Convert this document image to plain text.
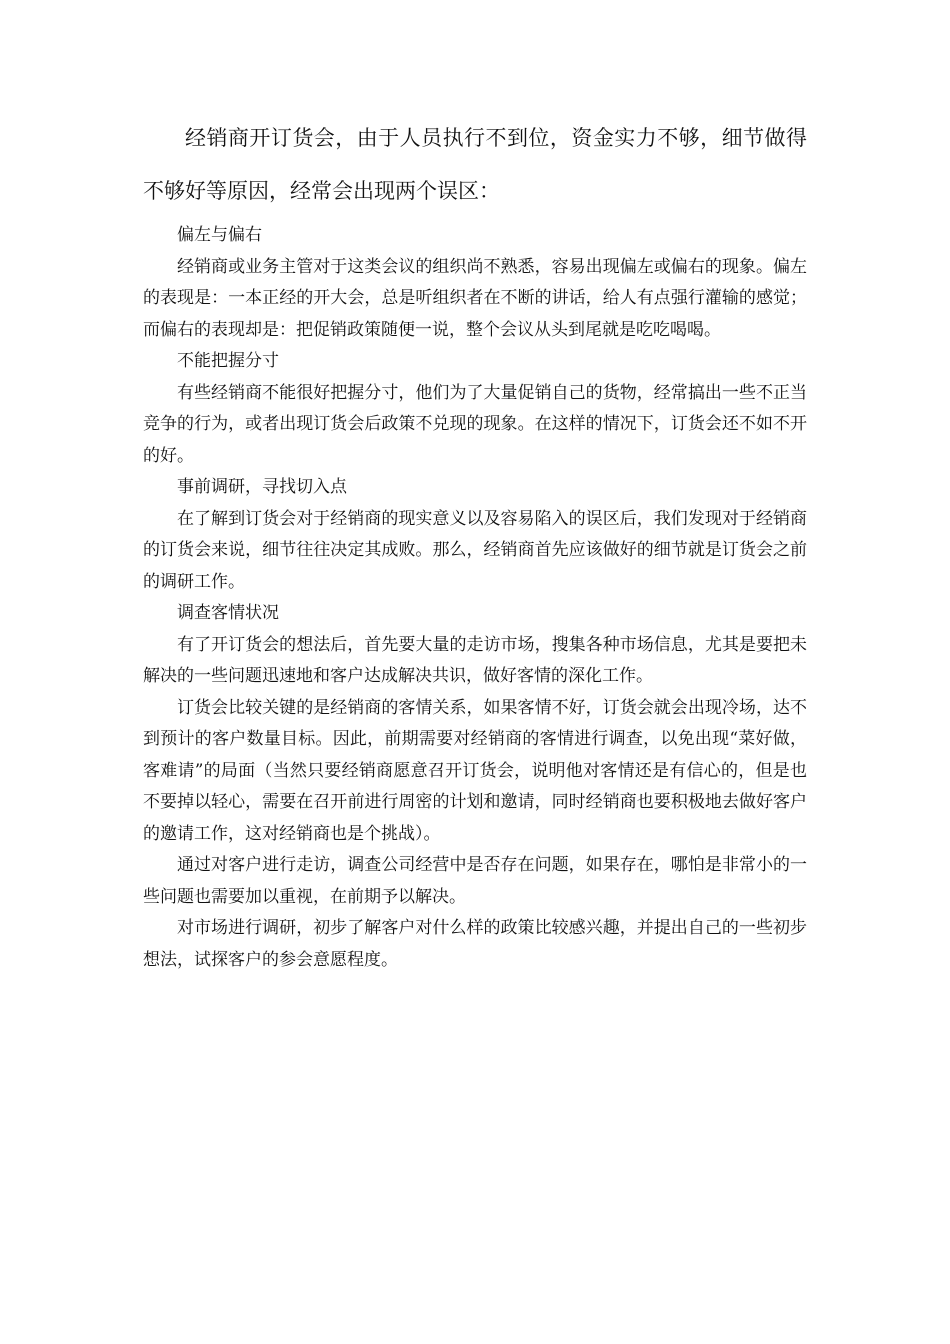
经销商开订货会，由于人员执行不到位，资金实力不够，细节做得不够好等原因，经常会出现两个误区：

偏左与偏右

经销商或业务主管对于这类会议的组织尚不熟悉，容易出现偏左或偏右的现象。偏左的表现是：一本正经的开大会，总是听组织者在不断的讲话，给人有点强行灌输的感觉；而偏右的表现却是：把促销政策随便一说，整个会议从头到尾就是吃吃喝喝。

不能把握分寸

有些经销商不能很好把握分寸，他们为了大量促销自己的货物，经常搞出一些不正当竞争的行为，或者出现订货会后政策不兑现的现象。在这样的情况下，订货会还不如不开的好。

事前调研，寻找切入点

在了解到订货会对于经销商的现实意义以及容易陷入的误区后，我们发现对于经销商的订货会来说，细节往往决定其成败。那么，经销商首先应该做好的细节就是订货会之前的调研工作。

调查客情状况

有了开订货会的想法后，首先要大量的走访市场，搜集各种市场信息，尤其是要把未解决的一些问题迅速地和客户达成解决共识，做好客情的深化工作。

订货会比较关键的是经销商的客情关系，如果客情不好，订货会就会出现冷场，达不到预计的客户数量目标。因此，前期需要对经销商的客情进行调查，以免出现“菜好做，客难请”的局面（当然只要经销商愿意召开订货会，说明他对客情还是有信心的，但是也不要掉以轻心，需要在召开前进行周密的计划和邀请，同时经销商也要积极地去做好客户的邀请工作，这对经销商也是个挑战）。

通过对客户进行走访，调查公司经营中是否存在问题，如果存在，哪怕是非常小的一些问题也需要加以重视，在前期予以解决。

对市场进行调研，初步了解客户对什么样的政策比较感兴趣，并提出自己的一些初步想法，试探客户的参会意愿程度。
